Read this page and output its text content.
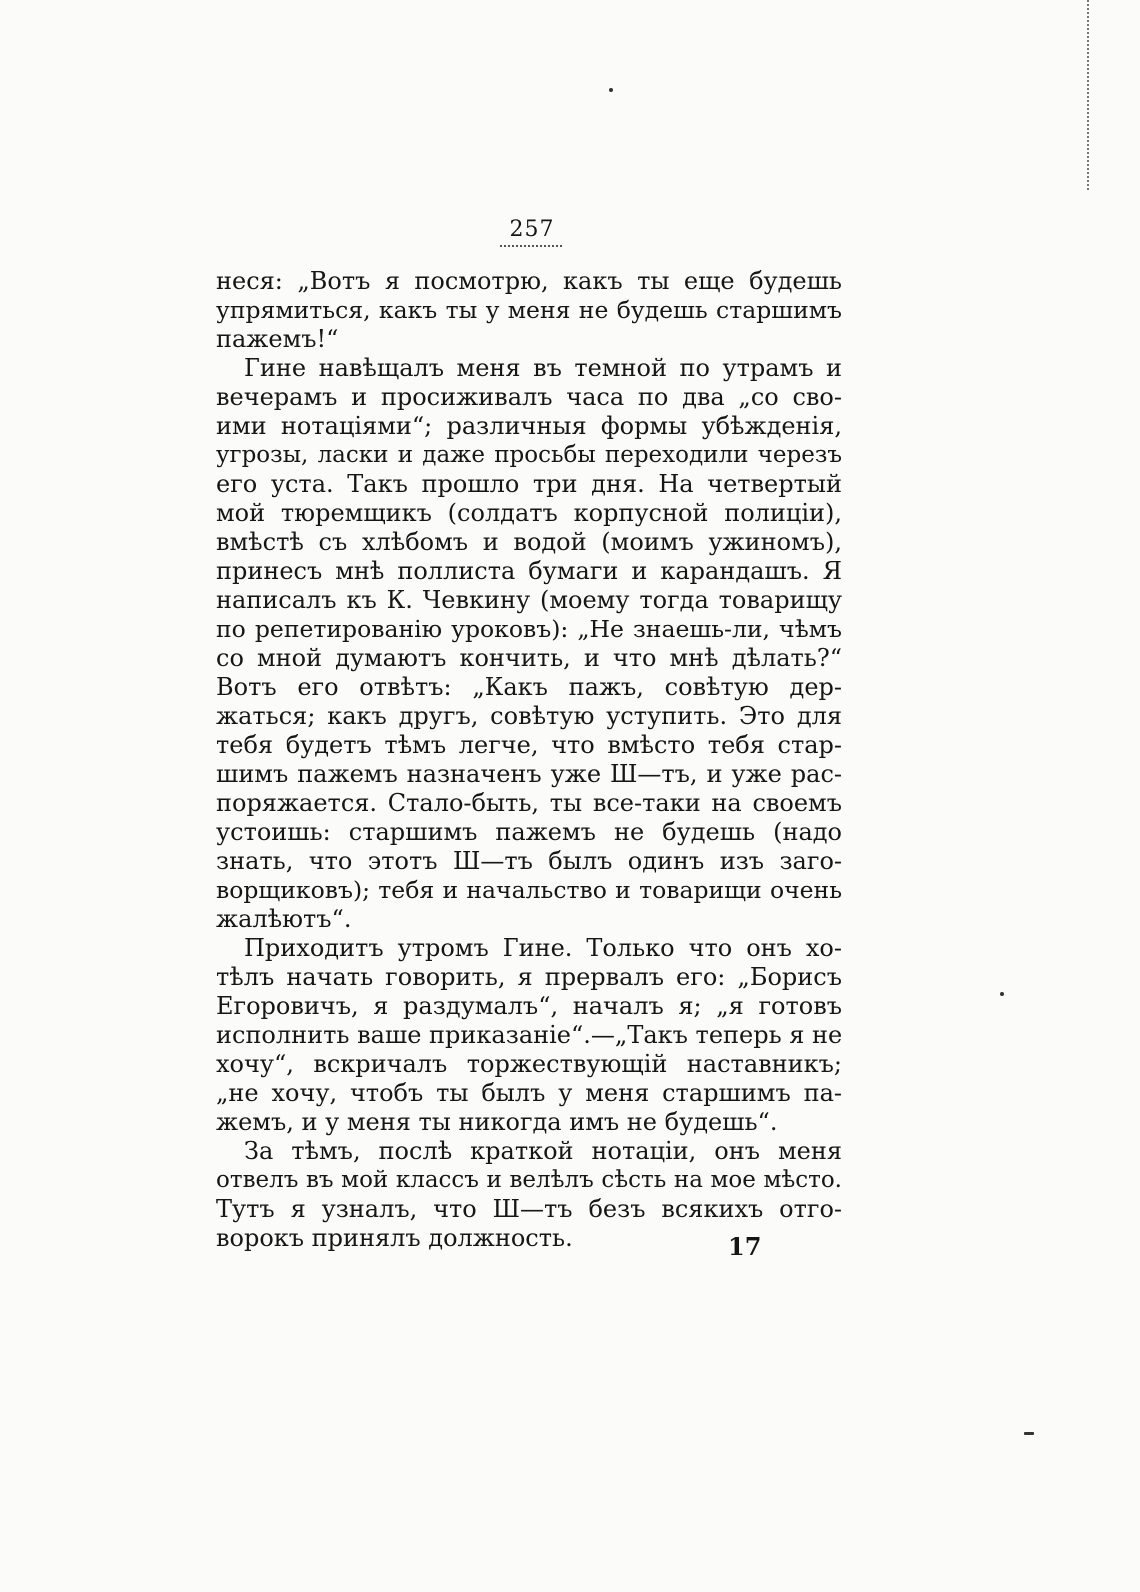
257
неся: „Вотъ я посмотрю, какъ ты еще будешь
упрямиться, какъ ты у меня не будешь старшимъ
пажемъ!“
Гине навѣщалъ меня въ темной по утрамъ и
вечерамъ и просиживалъ часа по два „со сво-
ими нотаціями“; различныя формы убѣжденія,
угрозы, ласки и даже просьбы переходили черезъ
его уста. Такъ прошло три дня. На четвертый
мой тюремщикъ (солдатъ корпусной полиціи),
вмѣстѣ съ хлѣбомъ и водой (моимъ ужиномъ),
принесъ мнѣ поллиста бумаги и карандашъ. Я
написалъ къ К. Чевкину (моему тогда товарищу
по репетированію уроковъ): „Не знаешь-ли, чѣмъ
со мной думаютъ кончить, и что мнѣ дѣлать?“
Вотъ его отвѣтъ: „Какъ пажъ, совѣтую дер-
жаться; какъ другъ, совѣтую уступить. Это для
тебя будетъ тѣмъ легче, что вмѣсто тебя стар-
шимъ пажемъ назначенъ уже Ш—тъ, и уже рас-
поряжается. Стало-быть, ты все-таки на своемъ
устоишь: старшимъ пажемъ не будешь (надо
знать, что этотъ Ш—тъ былъ одинъ изъ заго-
ворщиковъ); тебя и начальство и товарищи очень
жалѣютъ“.
Приходитъ утромъ Гине. Только что онъ хо-
тѣлъ начать говорить, я прервалъ его: „Борисъ
Егоровичъ, я раздумалъ“, началъ я; „я готовъ
исполнить ваше приказаніе“.—„Такъ теперь я не
хочу“, вскричалъ торжествующій наставникъ;
„не хочу, чтобъ ты былъ у меня старшимъ па-
жемъ, и у меня ты никогда имъ не будешь“.
За тѣмъ, послѣ краткой нотаціи, онъ меня
отвелъ въ мой классъ и велѣлъ сѣсть на мое мѣсто.
Тутъ я узналъ, что Ш—тъ безъ всякихъ отго-
ворокъ принялъ должность.	17
